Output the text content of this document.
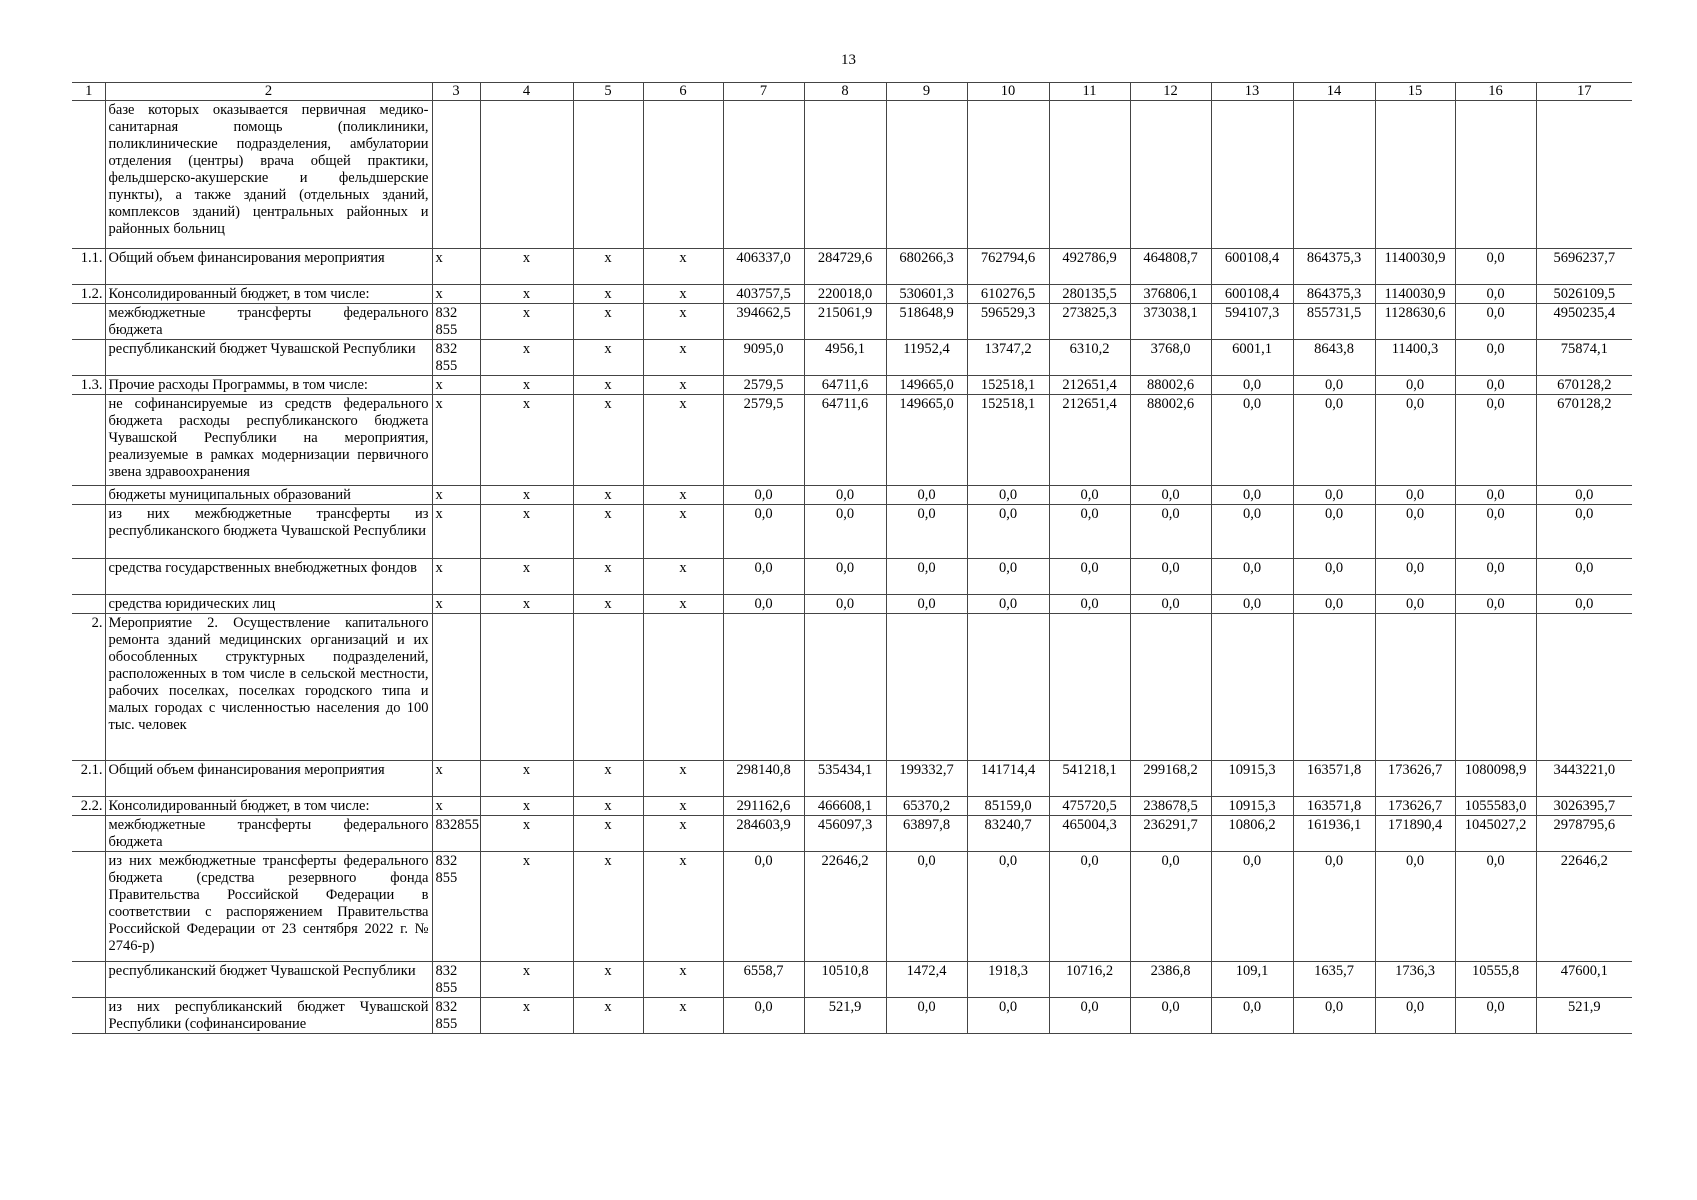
13
1	2	3	4	5	6	7	8	9	10	11	12	13	14	15	16	17
	базе которых оказывается первичная медико-санитарная помощь (поликлиники, поликлинические подразделения, амбулатории отделения (центры) врача общей практики, фельдшерско-акушерские и фельдшерские пункты), а также зданий (отдельных зданий, комплексов зданий) центральных районных и районных больниц															
1.1.	Общий объем финансирования мероприятия	x	x	x	x	406337,0	284729,6	680266,3	762794,6	492786,9	464808,7	600108,4	864375,3	1140030,9	0,0	5696237,7
1.2.	Консолидированный бюджет, в том числе:	x	x	x	x	403757,5	220018,0	530601,3	610276,5	280135,5	376806,1	600108,4	864375,3	1140030,9	0,0	5026109,5
	межбюджетные трансферты федерального бюджета	832 855	x	x	x	394662,5	215061,9	518648,9	596529,3	273825,3	373038,1	594107,3	855731,5	1128630,6	0,0	4950235,4
	республиканский бюджет Чувашской Республики	832 855	x	x	x	9095,0	4956,1	11952,4	13747,2	6310,2	3768,0	6001,1	8643,8	11400,3	0,0	75874,1
1.3.	Прочие расходы Программы, в том числе:	x	x	x	x	2579,5	64711,6	149665,0	152518,1	212651,4	88002,6	0,0	0,0	0,0	0,0	670128,2
	не софинансируемые из средств федерального бюджета расходы республиканского бюджета Чувашской Республики на мероприятия, реализуемые в рамках модернизации первичного звена здравоохранения	x	x	x	x	2579,5	64711,6	149665,0	152518,1	212651,4	88002,6	0,0	0,0	0,0	0,0	670128,2
	бюджеты муниципальных образований	x	x	x	x	0,0	0,0	0,0	0,0	0,0	0,0	0,0	0,0	0,0	0,0	0,0
	из них межбюджетные трансферты из республиканского бюджета Чувашской Республики	x	x	x	x	0,0	0,0	0,0	0,0	0,0	0,0	0,0	0,0	0,0	0,0	0,0
	средства государственных внебюджетных фондов	x	x	x	x	0,0	0,0	0,0	0,0	0,0	0,0	0,0	0,0	0,0	0,0	0,0
	средства юридических лиц	x	x	x	x	0,0	0,0	0,0	0,0	0,0	0,0	0,0	0,0	0,0	0,0	0,0
2.	Мероприятие 2. Осуществление капитального ремонта зданий медицинских организаций и их обособленных структурных подразделений, расположенных в том числе в сельской местности, рабочих поселках, поселках городского типа и малых городах с численностью населения до 100 тыс. человек															
2.1.	Общий объем финансирования мероприятия	x	x	x	x	298140,8	535434,1	199332,7	141714,4	541218,1	299168,2	10915,3	163571,8	173626,7	1080098,9	3443221,0
2.2.	Консолидированный бюджет, в том числе:	x	x	x	x	291162,6	466608,1	65370,2	85159,0	475720,5	238678,5	10915,3	163571,8	173626,7	1055583,0	3026395,7
	межбюджетные трансферты федерального бюджета	832855	x	x	x	284603,9	456097,3	63897,8	83240,7	465004,3	236291,7	10806,2	161936,1	171890,4	1045027,2	2978795,6
	из них межбюджетные трансферты федерального бюджета (средства резервного фонда Правительства Российской Федерации в соответствии с распоряжением Правительства Российской Федерации от 23 сентября 2022 г. № 2746-р)	832 855	x	x	x	0,0	22646,2	0,0	0,0	0,0	0,0	0,0	0,0	0,0	0,0	22646,2
	республиканский бюджет Чувашской Республики	832 855	x	x	x	6558,7	10510,8	1472,4	1918,3	10716,2	2386,8	109,1	1635,7	1736,3	10555,8	47600,1
	из них республиканский бюджет Чувашской Республики (софинансирование	832 855	x	x	x	0,0	521,9	0,0	0,0	0,0	0,0	0,0	0,0	0,0	0,0	521,9
